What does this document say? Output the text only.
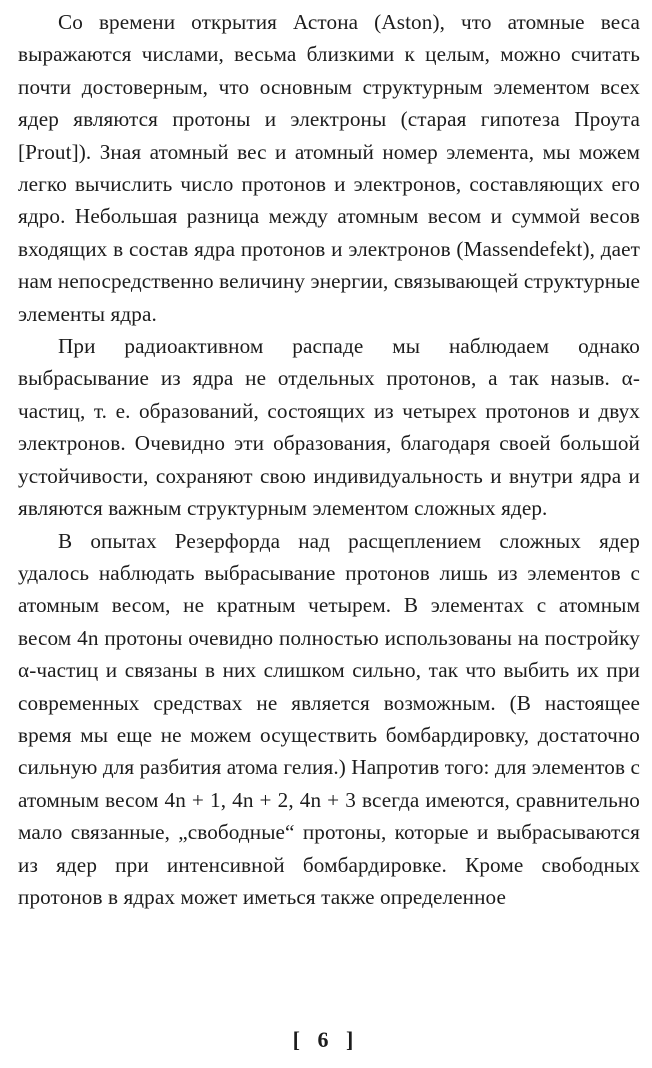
Со времени открытия Астона (Aston), что атомные веса выражаются числами, весьма близкими к целым, можно считать почти достоверным, что основным структурным элементом всех ядер являются протоны и электроны (старая гипотеза Проута [Prout]). Зная атомный вес и атомный номер элемента, мы можем легко вычислить число протонов и электронов, составляющих его ядро. Небольшая разница между атомным весом и суммой весов входящих в состав ядра протонов и электронов (Massendefekt), дает нам непосредственно величину энергии, связывающей структурные элементы ядра.

При радиоактивном распаде мы наблюдаем однако выбрасывание из ядра не отдельных протонов, а так назыв. α-частиц, т. е. образований, состоящих из четырех протонов и двух электронов. Очевидно эти образования, благодаря своей большой устойчивости, сохраняют свою индивидуальность и внутри ядра и являются важным структурным элементом сложных ядер.

В опытах Резерфорда над расщеплением сложных ядер удалось наблюдать выбрасывание протонов лишь из элементов с атомным весом, не кратным четырем. В элементах с атомным весом 4n протоны очевидно полностью использованы на постройку α-частиц и связаны в них слишком сильно, так что выбить их при современных средствах не является возможным. (В настоящее время мы еще не можем осуществить бомбардировку, достаточно сильную для разбития атома гелия.) Напротив того: для элементов с атомным весом 4n + 1, 4n + 2, 4n + 3 всегда имеются, сравнительно мало связанные, „свободные“ протоны, которые и выбрасываются из ядер при интенсивной бомбардировке. Кроме свободных протонов в ядрах может иметься также определенное

[ 6 ]
